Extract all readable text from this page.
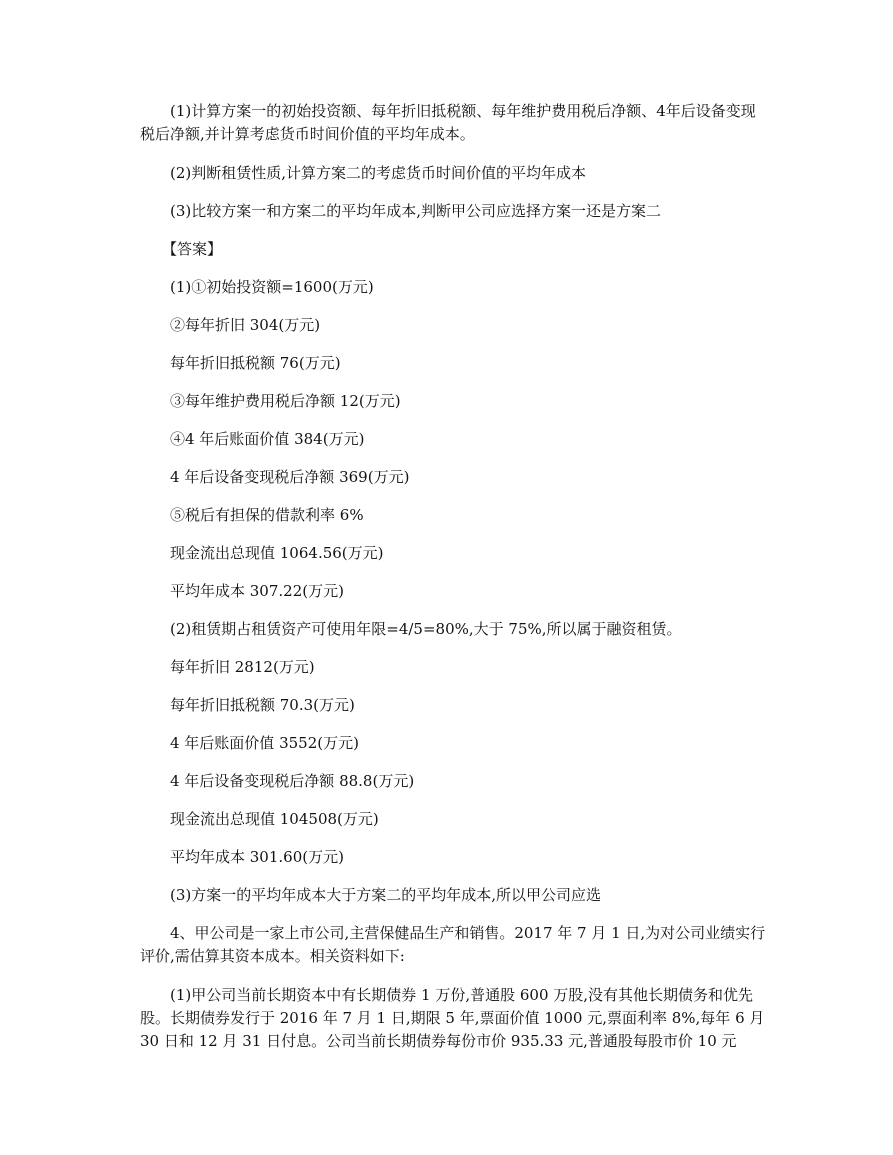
(1)计算方案一的初始投资额、每年折旧抵税额、每年维护费用税后净额、4年后设备变现税后净额,并计算考虑货币时间价值的平均年成本。

(2)判断租赁性质,计算方案二的考虑货币时间价值的平均年成本

(3)比较方案一和方案二的平均年成本,判断甲公司应选择方案一还是方案二

【答案】

(1)①初始投资额=1600(万元)

②每年折旧 304(万元)

每年折旧抵税额 76(万元)

③每年维护费用税后净额 12(万元)

④4 年后账面价值 384(万元)

4 年后设备变现税后净额 369(万元)

⑤税后有担保的借款利率 6%

现金流出总现值 1064.56(万元)

平均年成本 307.22(万元)

(2)租赁期占租赁资产可使用年限=4/5=80%,大于 75%,所以属于融资租赁。

每年折旧 2812(万元)

每年折旧抵税额 70.3(万元)

4 年后账面价值 3552(万元)

4 年后设备变现税后净额 88.8(万元)

现金流出总现值 104508(万元)

平均年成本 301.60(万元)

(3)方案一的平均年成本大于方案二的平均年成本,所以甲公司应选

4、甲公司是一家上市公司,主营保健品生产和销售。2017 年 7 月 1 日,为对公司业绩实行评价,需估算其资本成本。相关资料如下:

(1)甲公司当前长期资本中有长期债券 1 万份,普通股 600 万股,没有其他长期债务和优先股。长期债券发行于 2016 年 7 月 1 日,期限 5 年,票面价值 1000 元,票面利率 8%,每年 6 月 30 日和 12 月 31 日付息。公司当前长期债券每份市价 935.33 元,普通股每股市价 10 元
